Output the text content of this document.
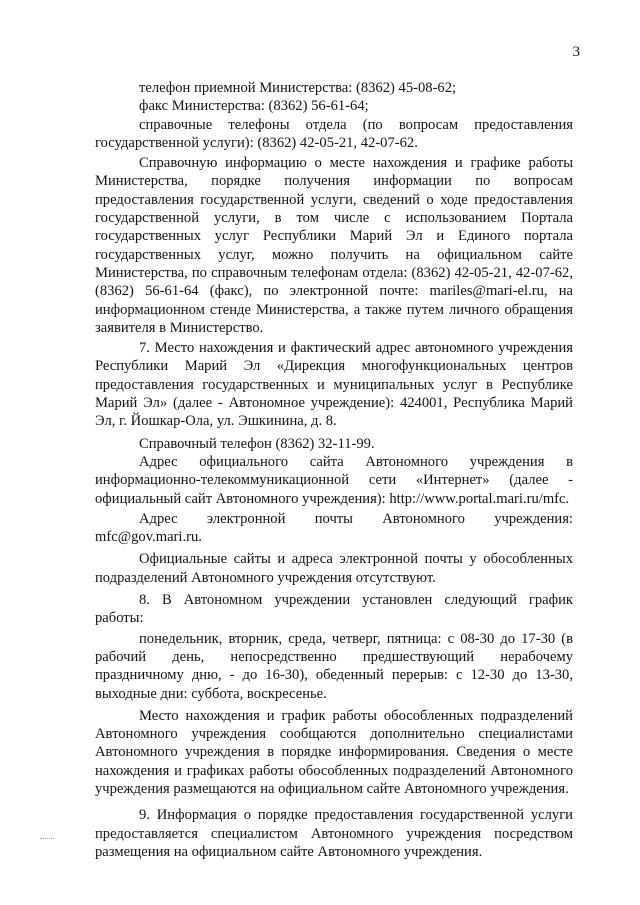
3

телефон приемной Министерства: (8362) 45-08-62;

факс Министерства: (8362) 56-61-64;

справочные телефоны отдела (по вопросам предоставления государственной услуги): (8362) 42-05-21, 42-07-62.

Справочную информацию о месте нахождения и графике работы Министерства, порядке получения информации по вопросам предоставления государственной услуги, сведений о ходе предоставления государственной услуги, в том числе с использованием Портала государственных услуг Республики Марий Эл и Единого портала государственных услуг, можно получить на официальном сайте Министерства, по справочным телефонам отдела: (8362) 42-05-21, 42-07-62, (8362) 56-61-64 (факс), по электронной почте: mariles@mari-el.ru, на информационном стенде Министерства, а также путем личного обращения заявителя в Министерство.

7. Место нахождения и фактический адрес автономного учреждения Республики Марий Эл «Дирекция многофункциональных центров предоставления государственных и муниципальных услуг в Республике Марий Эл» (далее - Автономное учреждение): 424001, Республика Марий Эл, г. Йошкар-Ола, ул. Эшкинина, д. 8.

Справочный телефон (8362) 32-11-99.

Адрес официального сайта Автономного учреждения в информационно-телекоммуникационной сети «Интернет» (далее - официальный сайт Автономного учреждения): http://www.portal.mari.ru/mfc.

Адрес электронной почты Автономного учреждения: mfc@gov.mari.ru.

Официальные сайты и адреса электронной почты у обособленных подразделений Автономного учреждения отсутствуют.

8. В Автономном учреждении установлен следующий график работы:

понедельник, вторник, среда, четверг, пятница: с 08-30 до 17-30 (в рабочий день, непосредственно предшествующий нерабочему праздничному дню, - до 16-30), обеденный перерыв: с 12-30 до 13-30, выходные дни: суббота, воскресенье.

Место нахождения и график работы обособленных подразделений Автономного учреждения сообщаются дополнительно специалистами Автономного учреждения в порядке информирования. Сведения о месте нахождения и графиках работы обособленных подразделений Автономного учреждения размещаются на официальном сайте Автономного учреждения.

9. Информация о порядке предоставления государственной услуги предоставляется специалистом Автономного учреждения посредством размещения на официальном сайте Автономного учреждения.
